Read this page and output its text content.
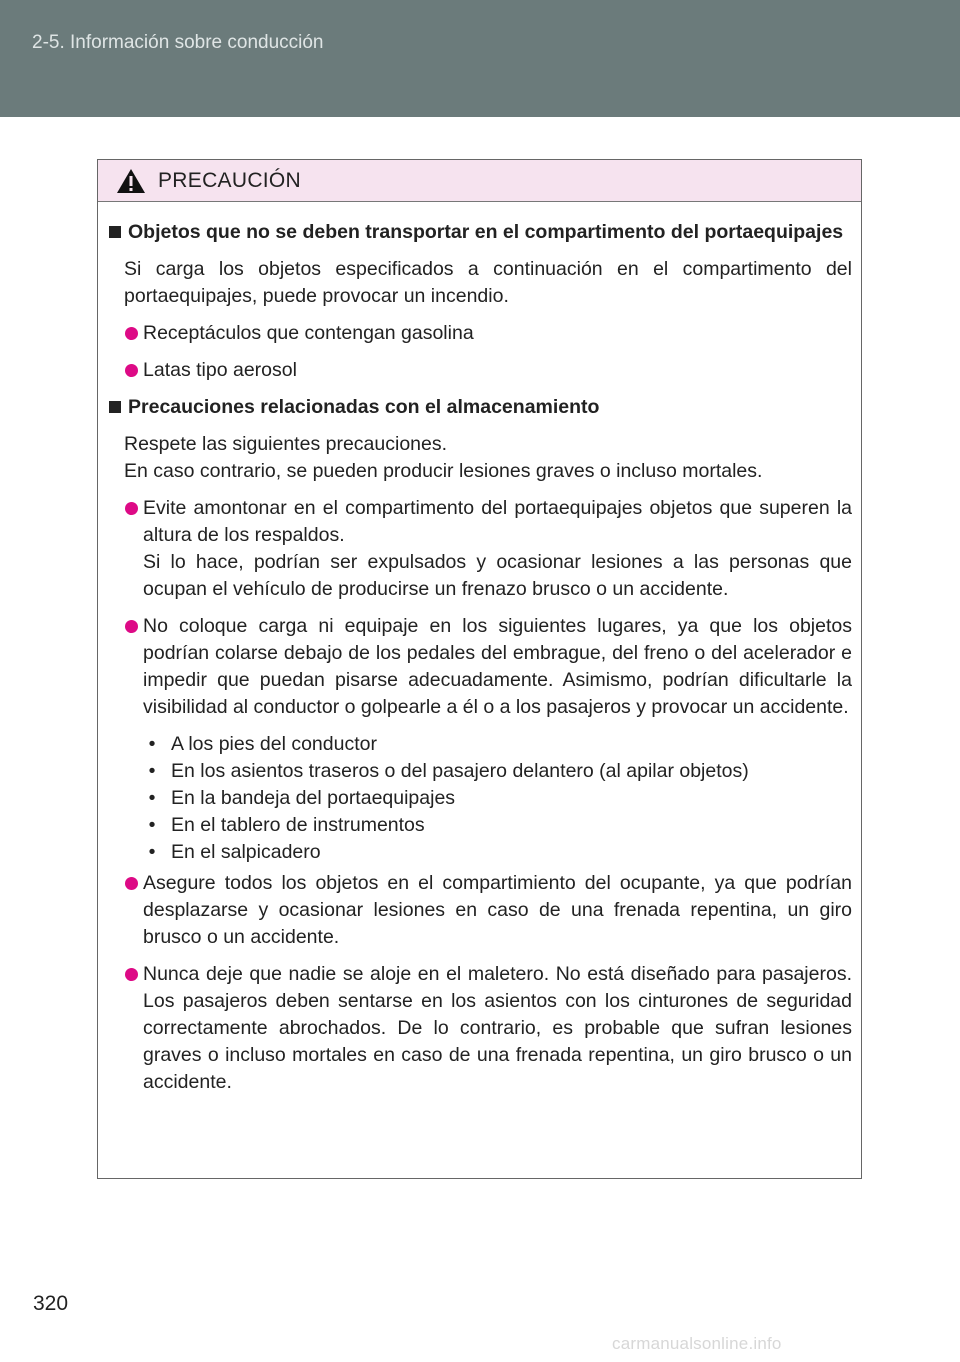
2-5. Información sobre conducción
PRECAUCIÓN
Objetos que no se deben transportar en el compartimento del portaequipajes
Si carga los objetos especificados a continuación en el compartimento del portaequipajes, puede provocar un incendio.
Receptáculos que contengan gasolina
Latas tipo aerosol
Precauciones relacionadas con el almacenamiento
Respete las siguientes precauciones.
En caso contrario, se pueden producir lesiones graves o incluso mortales.
Evite amontonar en el compartimento del portaequipajes objetos que superen la altura de los respaldos.
Si lo hace, podrían ser expulsados y ocasionar lesiones a las personas que ocupan el vehículo de producirse un frenazo brusco o un accidente.
No coloque carga ni equipaje en los siguientes lugares, ya que los objetos podrían colarse debajo de los pedales del embrague, del freno o del acelerador e impedir que puedan pisarse adecuadamente. Asimismo, podrían dificultarle la visibilidad al conductor o golpearle a él o a los pasajeros y provocar un accidente.
• A los pies del conductor
• En los asientos traseros o del pasajero delantero (al apilar objetos)
• En la bandeja del portaequipajes
• En el tablero de instrumentos
• En el salpicadero
Asegure todos los objetos en el compartimiento del ocupante, ya que podrían desplazarse y ocasionar lesiones en caso de una frenada repentina, un giro brusco o un accidente.
Nunca deje que nadie se aloje en el maletero. No está diseñado para pasajeros. Los pasajeros deben sentarse en los asientos con los cinturones de seguridad correctamente abrochados. De lo contrario, es probable que sufran lesiones graves o incluso mortales en caso de una frenada repentina, un giro brusco o un accidente.
320
carmanualsonline.info
